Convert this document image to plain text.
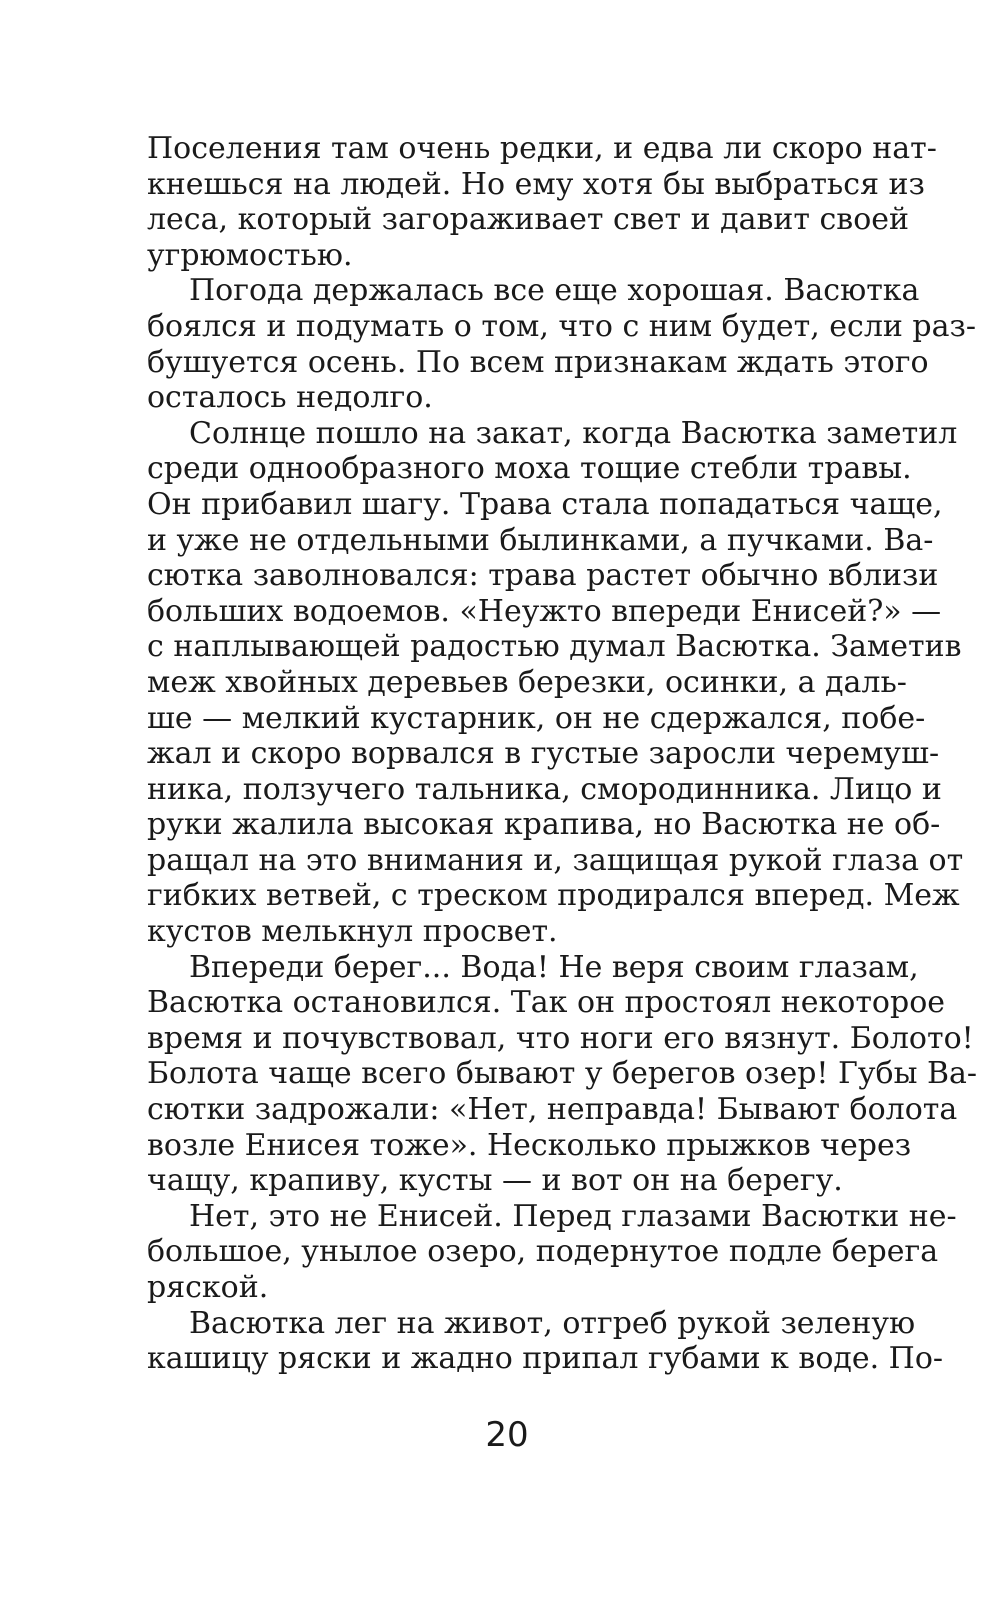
Поселения там очень редки, и едва ли скоро нат-
кнешься на людей. Но ему хотя бы выбраться из
леса, который загораживает свет и давит своей
угрюмостью.
Погода держалась все еще хорошая. Васютка
боялся и подумать о том, что с ним будет, если раз-
бушуется осень. По всем признакам ждать этого
осталось недолго.
Солнце пошло на закат, когда Васютка заметил
среди однообразного моха тощие стебли травы.
Он прибавил шагу. Трава стала попадаться чаще,
и уже не отдельными былинками, а пучками. Ва-
сютка заволновался: трава растет обычно вблизи
больших водоемов. «Неужто впереди Енисей?» —
с наплывающей радостью думал Васютка. Заметив
меж хвойных деревьев березки, осинки, а даль-
ше — мелкий кустарник, он не сдержался, побе-
жал и скоро ворвался в густые заросли черемуш-
ника, ползучего тальника, смородинника. Лицо и
руки жалила высокая крапива, но Васютка не об-
ращал на это внимания и, защищая рукой глаза от
гибких ветвей, с треском продирался вперед. Меж
кустов мелькнул просвет.
Впереди берег... Вода! Не веря своим глазам,
Васютка остановился. Так он простоял некоторое
время и почувствовал, что ноги его вязнут. Болото!
Болота чаще всего бывают у берегов озер! Губы Ва-
сютки задрожали: «Нет, неправда! Бывают болота
возле Енисея тоже». Несколько прыжков через
чащу, крапиву, кусты — и вот он на берегу.
Нет, это не Енисей. Перед глазами Васютки не-
большое, унылое озеро, подернутое подле берега
ряской.
Васютка лег на живот, отгреб рукой зеленую
кашицу ряски и жадно припал губами к воде. По-
20
